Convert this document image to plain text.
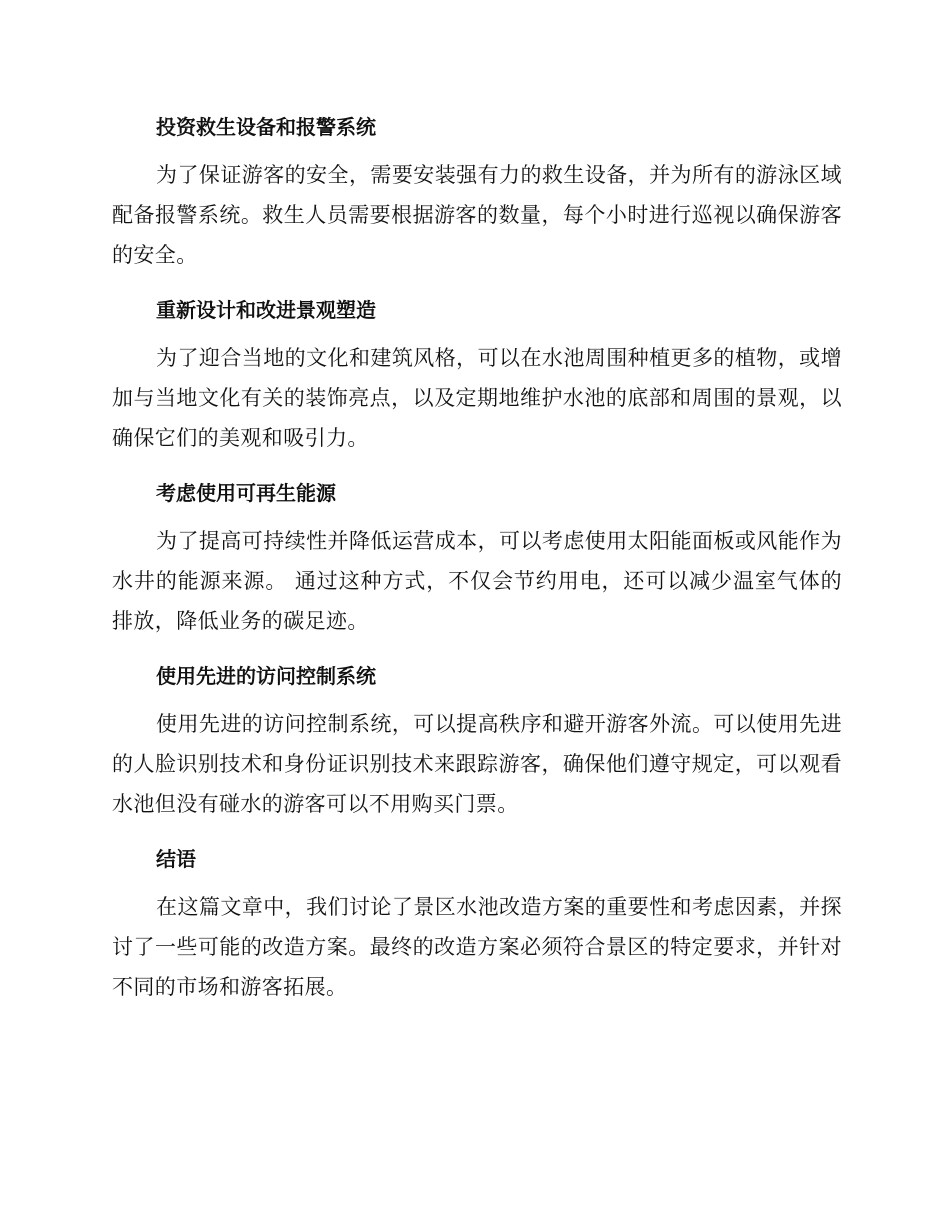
投资救生设备和报警系统

为了保证游客的安全，需要安装强有力的救生设备，并为所有的游泳区域配备报警系统。救生人员需要根据游客的数量，每个小时进行巡视以确保游客的安全。

重新设计和改进景观塑造

为了迎合当地的文化和建筑风格，可以在水池周围种植更多的植物，或增加与当地文化有关的装饰亮点，以及定期地维护水池的底部和周围的景观，以确保它们的美观和吸引力。

考虑使用可再生能源

为了提高可持续性并降低运营成本，可以考虑使用太阳能面板或风能作为水井的能源来源。 通过这种方式，不仅会节约用电，还可以减少温室气体的排放，降低业务的碳足迹。

使用先进的访问控制系统

使用先进的访问控制系统，可以提高秩序和避开游客外流。可以使用先进的人脸识别技术和身份证识别技术来跟踪游客，确保他们遵守规定，可以观看水池但没有碰水的游客可以不用购买门票。

结语

在这篇文章中，我们讨论了景区水池改造方案的重要性和考虑因素，并探讨了一些可能的改造方案。最终的改造方案必须符合景区的特定要求，并针对不同的市场和游客拓展。
